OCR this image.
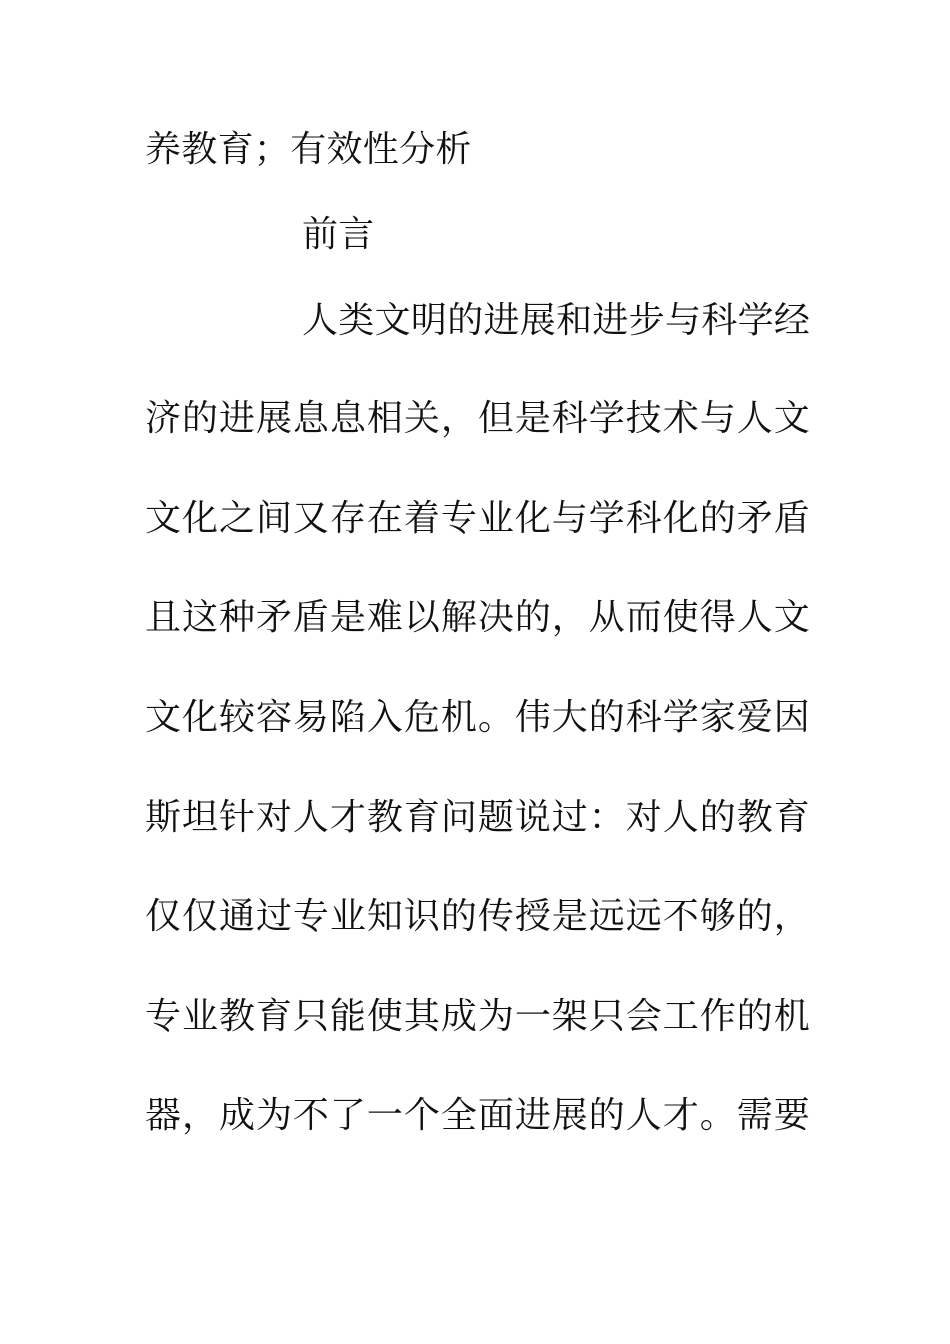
养教育；有效性分析
前言
人类文明的进展和进步与科学经
济的进展息息相关，但是科学技术与人文
文化之间又存在着专业化与学科化的矛盾
且这种矛盾是难以解决的，从而使得人文
文化较容易陷入危机。伟大的科学家爱因
斯坦针对人才教育问题说过：对人的教育
仅仅通过专业知识的传授是远远不够的，
专业教育只能使其成为一架只会工作的机
器，成为不了一个全面进展的人才。需要
